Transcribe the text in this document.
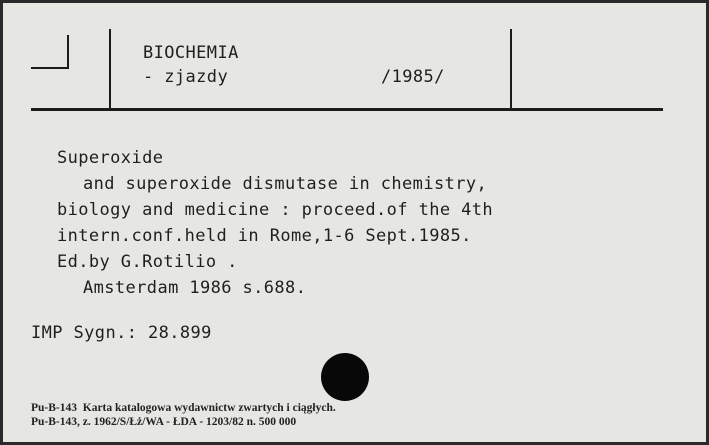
BIOCHEMIA
- zjazdy	/1985/
Superoxide
and superoxide dismutase in chemistry,
biology and medicine : proceed.of the 4th
intern.conf.held in Rome,1-6 Sept.1985.
Ed.by G.Rotilio .
Amsterdam 1986 s.688.
IMP Sygn.: 28.899
Pu-B-143  Karta katalogowa wydawnictw zwartych i ciągłych.
Pu-B-143, z. 1962/S/Łż/WA - ŁDA - 1203/82 n. 500 000
